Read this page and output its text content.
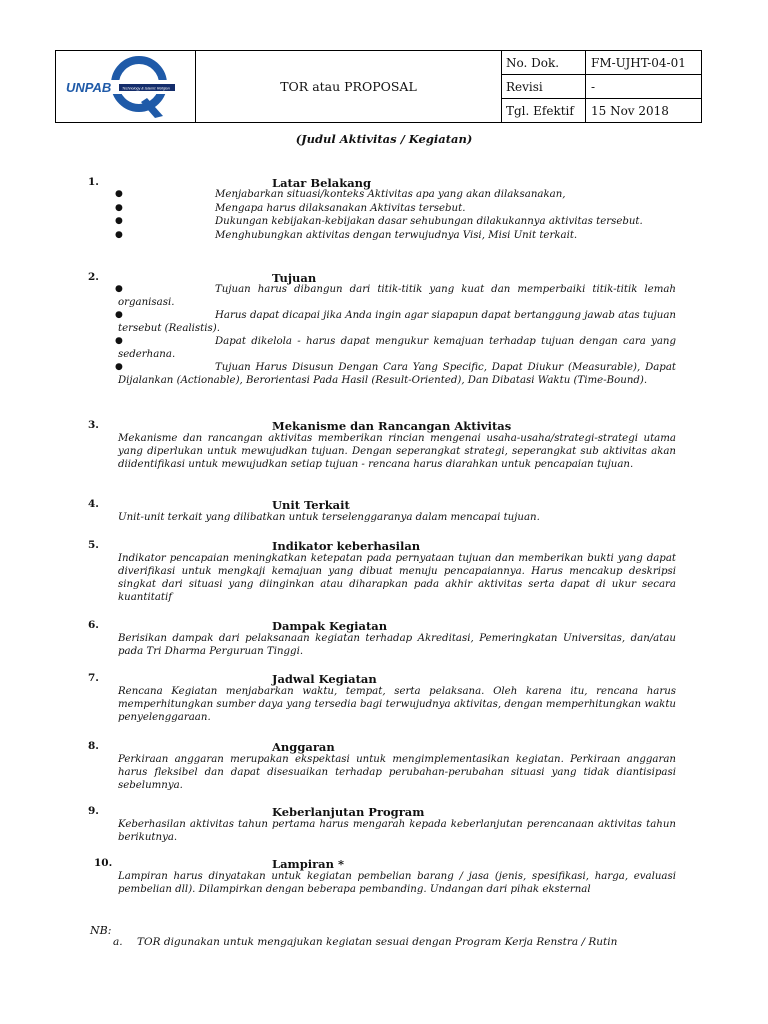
UNPAB Technology & Islamic Religion	TOR atau PROPOSAL	No. Dok.	FM-UJHT-04-01
		Revisi	-
		Tgl. Efektif	15 Nov 2018
(Judul Aktivitas / Kegiatan)
1.	Latar Belakang
●	Menjabarkan situasi/konteks Aktivitas apa yang akan dilaksanakan,
●	Mengapa harus dilaksanakan Aktivitas tersebut.
●	Dukungan kebijakan-kebijakan dasar sehubungan dilakukannya aktivitas tersebut.
●	Menghubungkan aktivitas dengan terwujudnya Visi, Misi Unit terkait.
2.	Tujuan
●	Tujuan harus dibangun dari titik-titik yang kuat dan memperbaiki titik-titik lemah organisasi.
●	Harus dapat dicapai jika Anda ingin agar siapapun dapat bertanggung jawab atas tujuan tersebut (Realistis).
●	Dapat dikelola - harus dapat mengukur kemajuan terhadap tujuan dengan cara yang sederhana.
●	Tujuan Harus Disusun Dengan Cara Yang Specific, Dapat Diukur (Measurable), Dapat Dijalankan (Actionable), Berorientasi Pada Hasil (Result-Oriented), Dan Dibatasi Waktu (Time-Bound).
3.	Mekanisme dan Rancangan Aktivitas
Mekanisme dan rancangan aktivitas memberikan rincian mengenai usaha-usaha/strategi-strategi utama yang diperlukan untuk mewujudkan tujuan. Dengan seperangkat strategi, seperangkat sub aktivitas akan diidentifikasi untuk mewujudkan setiap tujuan - rencana harus diarahkan untuk pencapaian tujuan.
4.	Unit Terkait
Unit-unit terkait yang dilibatkan untuk terselenggaranya dalam mencapai tujuan.
5.	Indikator keberhasilan
Indikator pencapaian meningkatkan ketepatan pada pernyataan tujuan dan memberikan bukti yang dapat diverifikasi untuk mengkaji kemajuan yang dibuat menuju pencapaiannya. Harus mencakup deskripsi singkat dari situasi yang diinginkan atau diharapkan pada akhir aktivitas serta dapat di ukur secara kuantitatif
6.	Dampak Kegiatan
Berisikan dampak dari pelaksanaan kegiatan terhadap Akreditasi, Pemeringkatan Universitas, dan/atau pada Tri Dharma Perguruan Tinggi.
7.	Jadwal Kegiatan
Rencana Kegiatan menjabarkan waktu, tempat, serta pelaksana. Oleh karena itu, rencana harus memperhitungkan sumber daya yang tersedia bagi terwujudnya aktivitas, dengan memperhitungkan waktu penyelenggaraan.
8.	Anggaran
Perkiraan anggaran merupakan ekspektasi untuk mengimplementasikan kegiatan. Perkiraan anggaran harus fleksibel dan dapat disesuaikan terhadap perubahan-perubahan situasi yang tidak diantisipasi sebelumnya.
9.	Keberlanjutan Program
Keberhasilan aktivitas tahun pertama harus mengarah kepada keberlanjutan perencanaan aktivitas tahun berikutnya.
10.	Lampiran *
Lampiran harus dinyatakan untuk kegiatan pembelian barang / jasa (jenis, spesifikasi, harga, evaluasi pembelian dll). Dilampirkan dengan beberapa pembanding. Undangan dari pihak eksternal
NB:
a. TOR digunakan untuk mengajukan kegiatan sesuai dengan Program Kerja Renstra / Rutin
